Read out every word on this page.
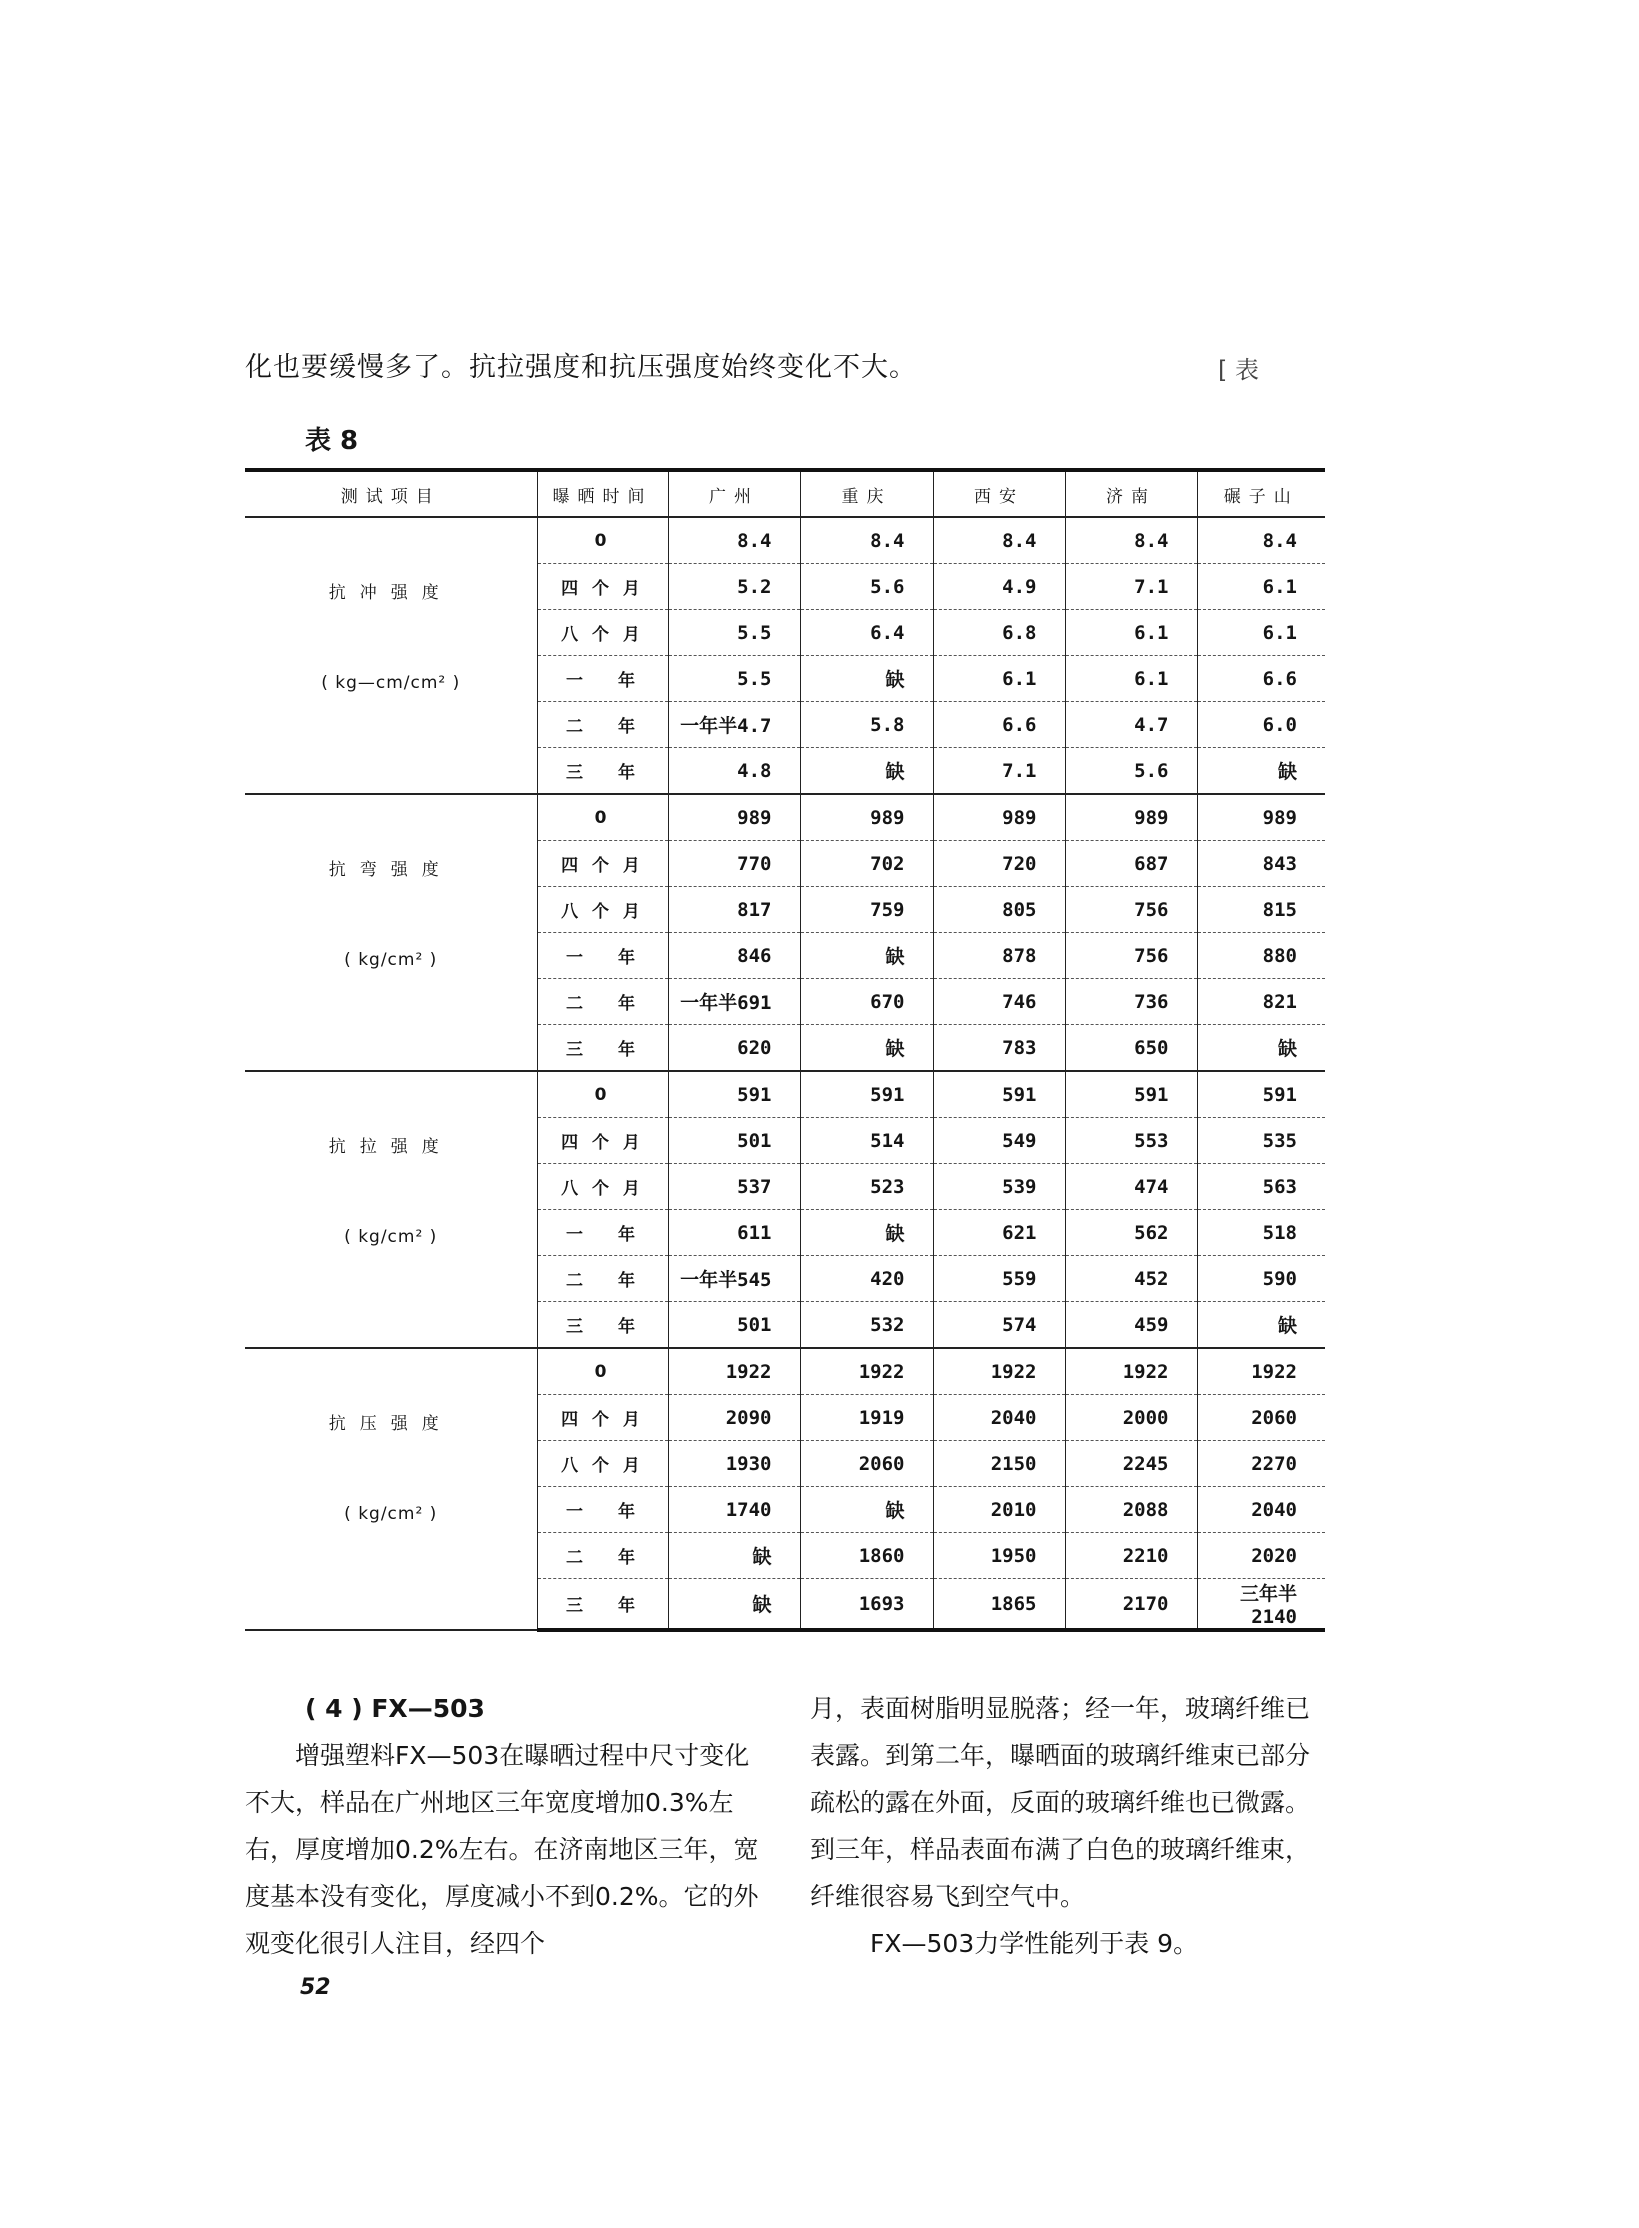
化也要缓慢多了。抗拉强度和抗压强度始终变化不大。	[ 表
表 8
测试项目	曝晒时间	广州	重庆	西安	济南	碾子山

抗冲强度
( kg—cm/cm² )	0	8.4	8.4	8.4	8.4	8.4
	四 个 月	5.2	5.6	4.9	7.1	6.1
	八 个 月	5.5	6.4	6.8	6.1	6.1
	一　 年	5.5	缺	6.1	6.1	6.6
	二　 年	一年半4.7	5.8	6.6	4.7	6.0
	三　 年	4.8	缺	7.1	5.6	缺

抗弯强度
( kg/cm² )	0	989	989	989	989	989
	四 个 月	770	702	720	687	843
	八 个 月	817	759	805	756	815
	一　 年	846	缺	878	756	880
	二　 年	一年半691	670	746	736	821
	三　 年	620	缺	783	650	缺

抗拉强度
( kg/cm² )	0	591	591	591	591	591
	四 个 月	501	514	549	553	535
	八 个 月	537	523	539	474	563
	一　 年	611	缺	621	562	518
	二　 年	一年半545	420	559	452	590
	三　 年	501	532	574	459	缺

抗压强度
( kg/cm² )	0	1922	1922	1922	1922	1922
	四 个 月	2090	1919	2040	2000	2060
	八 个 月	1930	2060	2150	2245	2270
	一　 年	1740	缺	2010	2088	2040
	二　 年	缺	1860	1950	2210	2020
	三　 年	缺	1693	1865	2170	三年半2140
( 4 ) FX—503
增强塑料FX—503在曝晒过程中尺寸变化不大，样品在广州地区三年宽度增加0.3%左右，厚度增加0.2%左右。在济南地区三年，宽度基本没有变化，厚度减小不到0.2%。它的外观变化很引人注目，经四个
月，表面树脂明显脱落；经一年，玻璃纤维已表露。到第二年，曝晒面的玻璃纤维束已部分疏松的露在外面，反面的玻璃纤维也已微露。到三年，样品表面布满了白色的玻璃纤维束，纤维很容易飞到空气中。
FX—503力学性能列于表 9。
52
